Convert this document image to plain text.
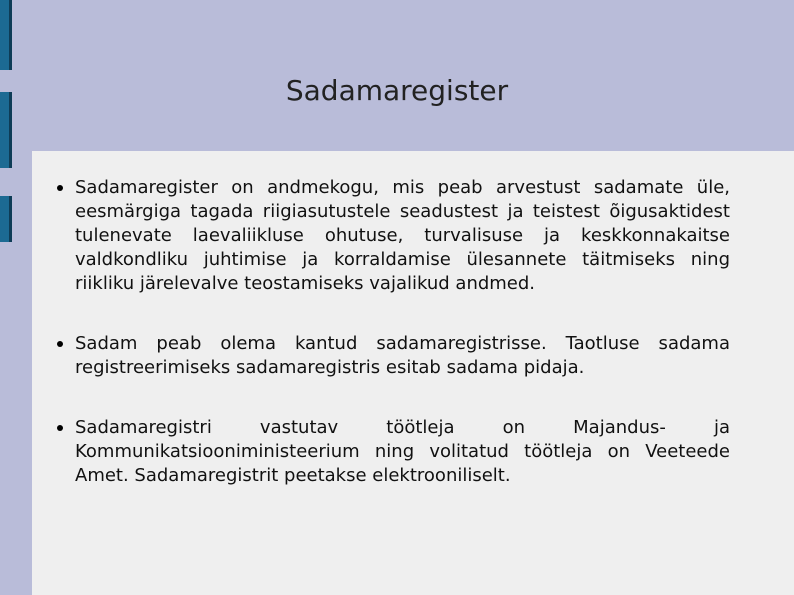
Sadamaregister
Sadamaregister on andmekogu, mis peab arvestust sadamate üle, eesmärgiga tagada riigiasutustele seadustest ja teistest õigusaktidest tulenevate laevaliikluse ohutuse, turvalisuse ja keskkonnakaitse valdkondliku juhtimise ja korraldamise ülesannete täitmiseks ning riikliku järelevalve teostamiseks vajalikud andmed.
Sadam peab olema kantud sadamaregistrisse. Taotluse sadama registreerimiseks sadamaregistris esitab sadama pidaja.
Sadamaregistri vastutav töötleja on Majandus- ja Kommunikatsiooniministeerium ning volitatud töötleja on Veeteede Amet. Sadamaregistrit peetakse elektrooniliselt.
